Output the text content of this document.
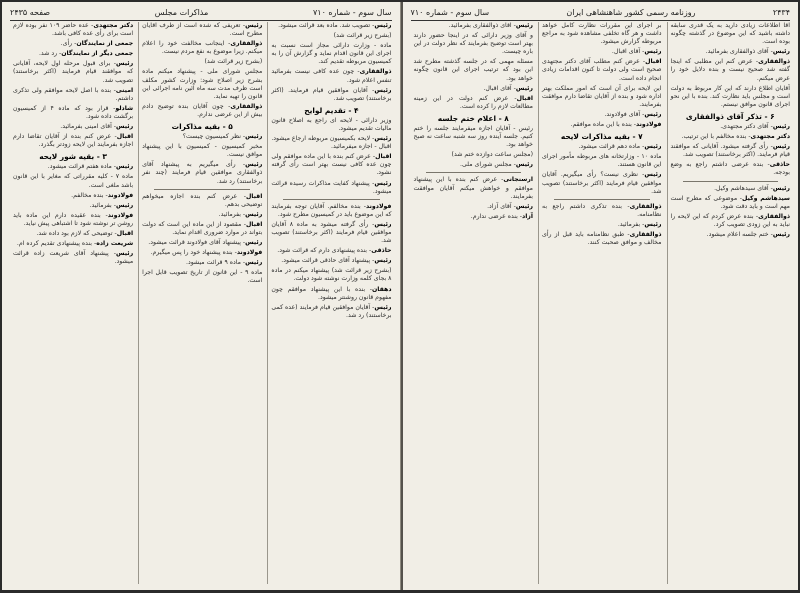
سال سوم - شماره ۷۱۰
مذاکرات مجلس
صفحه ۲۴۳۵

رئیس- تصویب شد. ماده بعد قرائت میشود.

(بشرح زیر قرائت شد)

ماده - وزارت دارائی مجاز است نسبت به اجرای این قانون اقدام نماید و گزارش آن را به کمیسیون مربوطه تقدیم کند.

ذوالفقاری- چون عده کافی نیست بفرمائید تنفس اعلام شود.

رئیس- آقایان موافقین قیام فرمایند. (اکثر برخاستند) تصویب شد.

۴ - تقدیم لوایح

وزیر دارائی - لایحه ای راجع به اصلاح قانون مالیات تقدیم میشود.

رئیس- لایحه بکمیسیون مربوطه ارجاع میشود. اقبال - اجازه میفرمائید.

اقبال- عرض کنم بنده با این ماده موافقم ولی چون عده کافی نیست بهتر است رأی گرفته نشود.

رئیس- پیشنهاد کفایت مذاکرات رسیده قرائت میشود.

فولادوند- بنده مخالفم. آقایان توجه بفرمایند که این موضوع باید در کمیسیون مطرح شود.

رئیس- رأی گرفته میشود به ماده ۸ آقایان موافقین قیام فرمایند (اکثر برخاستند) تصویب شد.

حاذقی- بنده پیشنهادی دارم که قرائت شود.

رئیس- پیشنهاد آقای حاذقی قرائت میشود.

(بشرح زیر قرائت شد) پیشنهاد میکنم در ماده ۸ بجای کلمه وزارت نوشته شود دولت.

دهقان- بنده با این پیشنهاد موافقم چون مفهوم قانون روشنتر میشود.

رئیس- آقایان موافقین قیام فرمایند (عده کمی برخاستند) رد شد.

رئیس- تعریفی که شده است از طرف آقایان مطرح است.

ذوالفقاری- اینجانب مخالفت خود را اعلام میکنم. زیرا موضوع به نفع مردم نیست.

(بشرح زیر قرائت شد)

مجلس شورای ملی - پیشنهاد میکنم ماده بشرح زیر اصلاح شود: وزارت کشور مکلف است ظرف مدت سه ماه آئین نامه اجرائی این قانون را تهیه نماید.

ذوالفقاری- چون آقایان بنده توضیح دادم بیش از این عرضی ندارم.

۵ - بقیه مذاکرات

رئیس- نظر کمیسیون چیست؟

مخبر کمیسیون - کمیسیون با این پیشنهاد موافق نیست.

رئیس- رأی میگیریم به پیشنهاد آقای ذوالفقاری موافقین قیام فرمایند (چند نفر برخاستند) رد شد.

اقبال- عرض کنم بنده اجازه میخواهم توضیحی بدهم.

رئیس- بفرمائید.

اقبال- مقصود از این ماده این است که دولت بتواند در موارد ضروری اقدام نماید.

رئیس- پیشنهاد آقای فولادوند قرائت میشود.

فولادوند- بنده پیشنهاد خود را پس میگیرم.

رئیس- ماده ۹ قرائت میشود.

ماده ۹ - این قانون از تاریخ تصویب قابل اجرا است.

دکتر مجتهدی- عده حاضر ۱۰۹ نفر بوده لازم است برای رأی عده کافی باشد.

جمعی از نمایندگان- رأی.

جمعی دیگر از نمایندگان- رد شد.

رئیس- برای قبول مرحله اول لایحه، آقایانی که موافقند قیام فرمایند (اکثر برخاستند) تصویب شد.

امینی- بنده با اصل لایحه موافقم ولی تذکری داشتم.

شادلو- قرار بود که ماده ۴ از کمیسیون برگشت داده شود.

رئیس- آقای امینی بفرمائید.

اقبال- عرض کنم بنده از آقایان تقاضا دارم اجازه بفرمایند این لایحه زودتر بگذرد.

۳ - بقیه شور لایحه

رئیس- ماده هفتم قرائت میشود.

ماده ۷ - کلیه مقرراتی که مغایر با این قانون باشد ملغی است.

فولادوند- بنده مخالفم.

رئیس- بفرمائید.

فولادوند- بنده عقیده دارم این ماده باید روشن تر نوشته شود تا اشتباهی پیش نیاید.

اقبال- توضیحی که لازم بود داده شد.

شریعت زاده- بنده پیشنهادی تقدیم کرده ام.

رئیس- پیشنهاد آقای شریعت زاده قرائت میشود.

۲۴۳۴
روزنامه رسمی کشور شاهنشاهی ایران
سال سوم - شماره ۷۱۰

آقا اطلاعات زیادی دارید به یک قدری سابقه داشته باشید که این موضوع در گذشته چگونه بوده است.

رئیس- آقای ذوالفقاری بفرمائید.

ذوالفقاری- عرض کنم این مطلبی که اینجا گفته شد صحیح نیست و بنده دلایل خود را عرض میکنم.

آقایان اطلاع دارند که این کار مربوط به دولت است و مجلس باید نظارت کند. بنده با این نحو اجرای قانون موافق نیستم.

۶ - تذکر آقای ذوالفقاری

رئیس- آقای دکتر مجتهدی.

دکتر مجتهدی- بنده مخالفم با این ترتیب.

رئیس- رأی گرفته میشود. آقایانی که موافقند قیام فرمایند. (اکثر برخاستند) تصویب شد.

حاذقی- بنده عرضی داشتم راجع به وضع بودجه.

رئیس- آقای سیدهاشم وکیل.

سیدهاشم وکیل- موضوعی که مطرح است مهم است و باید دقت شود.

ذوالفقاری- بنده عرض کردم که این لایحه را نباید به این زودی تصویب کرد.

رئیس- ختم جلسه اعلام میشود.

بر اجرای این مقررات نظارت کامل خواهد داشت و هر گاه تخلفی مشاهده شود به مراجع مربوطه گزارش میشود.

رئیس- آقای اقبال.

اقبال- عرض کنم مطلب آقای دکتر مجتهدی صحیح است ولی دولت تا کنون اقدامات زیادی انجام داده است.

این لایحه برای آن است که امور مملکت بهتر اداره شود و بنده از آقایان تقاضا دارم موافقت بفرمایند.

رئیس- آقای فولادوند.

فولادوند- بنده با این ماده موافقم.

۷ - بقیه مذاکرات لایحه

رئیس- ماده دهم قرائت میشود.

ماده ۱۰ - وزارتخانه های مربوطه مأمور اجرای این قانون هستند.

رئیس- نظری نیست؟ رأی میگیریم. آقایان موافقین قیام فرمایند (اکثر برخاستند) تصویب شد.

ذوالفقاری- بنده تذکری داشتم راجع به نظامنامه.

رئیس- بفرمائید.

ذوالفقاری- طبق نظامنامه باید قبل از رأی مخالف و موافق صحبت کنند.

رئیس- آقای ذوالفقاری بفرمائید.

و آقای وزیر دارائی که در اینجا حضور دارند بهتر است توضیح بفرمایند که نظر دولت در این باره چیست.

مسئله مهمی که در جلسه گذشته مطرح شد این بود که ترتیب اجرای این قانون چگونه خواهد بود.

رئیس- آقای اقبال.

اقبال- عرض کنم دولت در این زمینه مطالعات لازم را کرده است.

۸ - اعلام ختم جلسه

رئیس - آقایان اجازه میفرمایند جلسه را ختم کنیم. جلسه آینده روز سه شنبه ساعت نه صبح خواهد بود.

(مجلس ساعت دوازده ختم شد)

رئیس- مجلس شورای ملی.

ارسنجانی- عرض کنم بنده با این پیشنهاد موافقم و خواهش میکنم آقایان موافقت بفرمایند.

رئیس- آقای آزاد.

آزاد- بنده عرضی ندارم.
